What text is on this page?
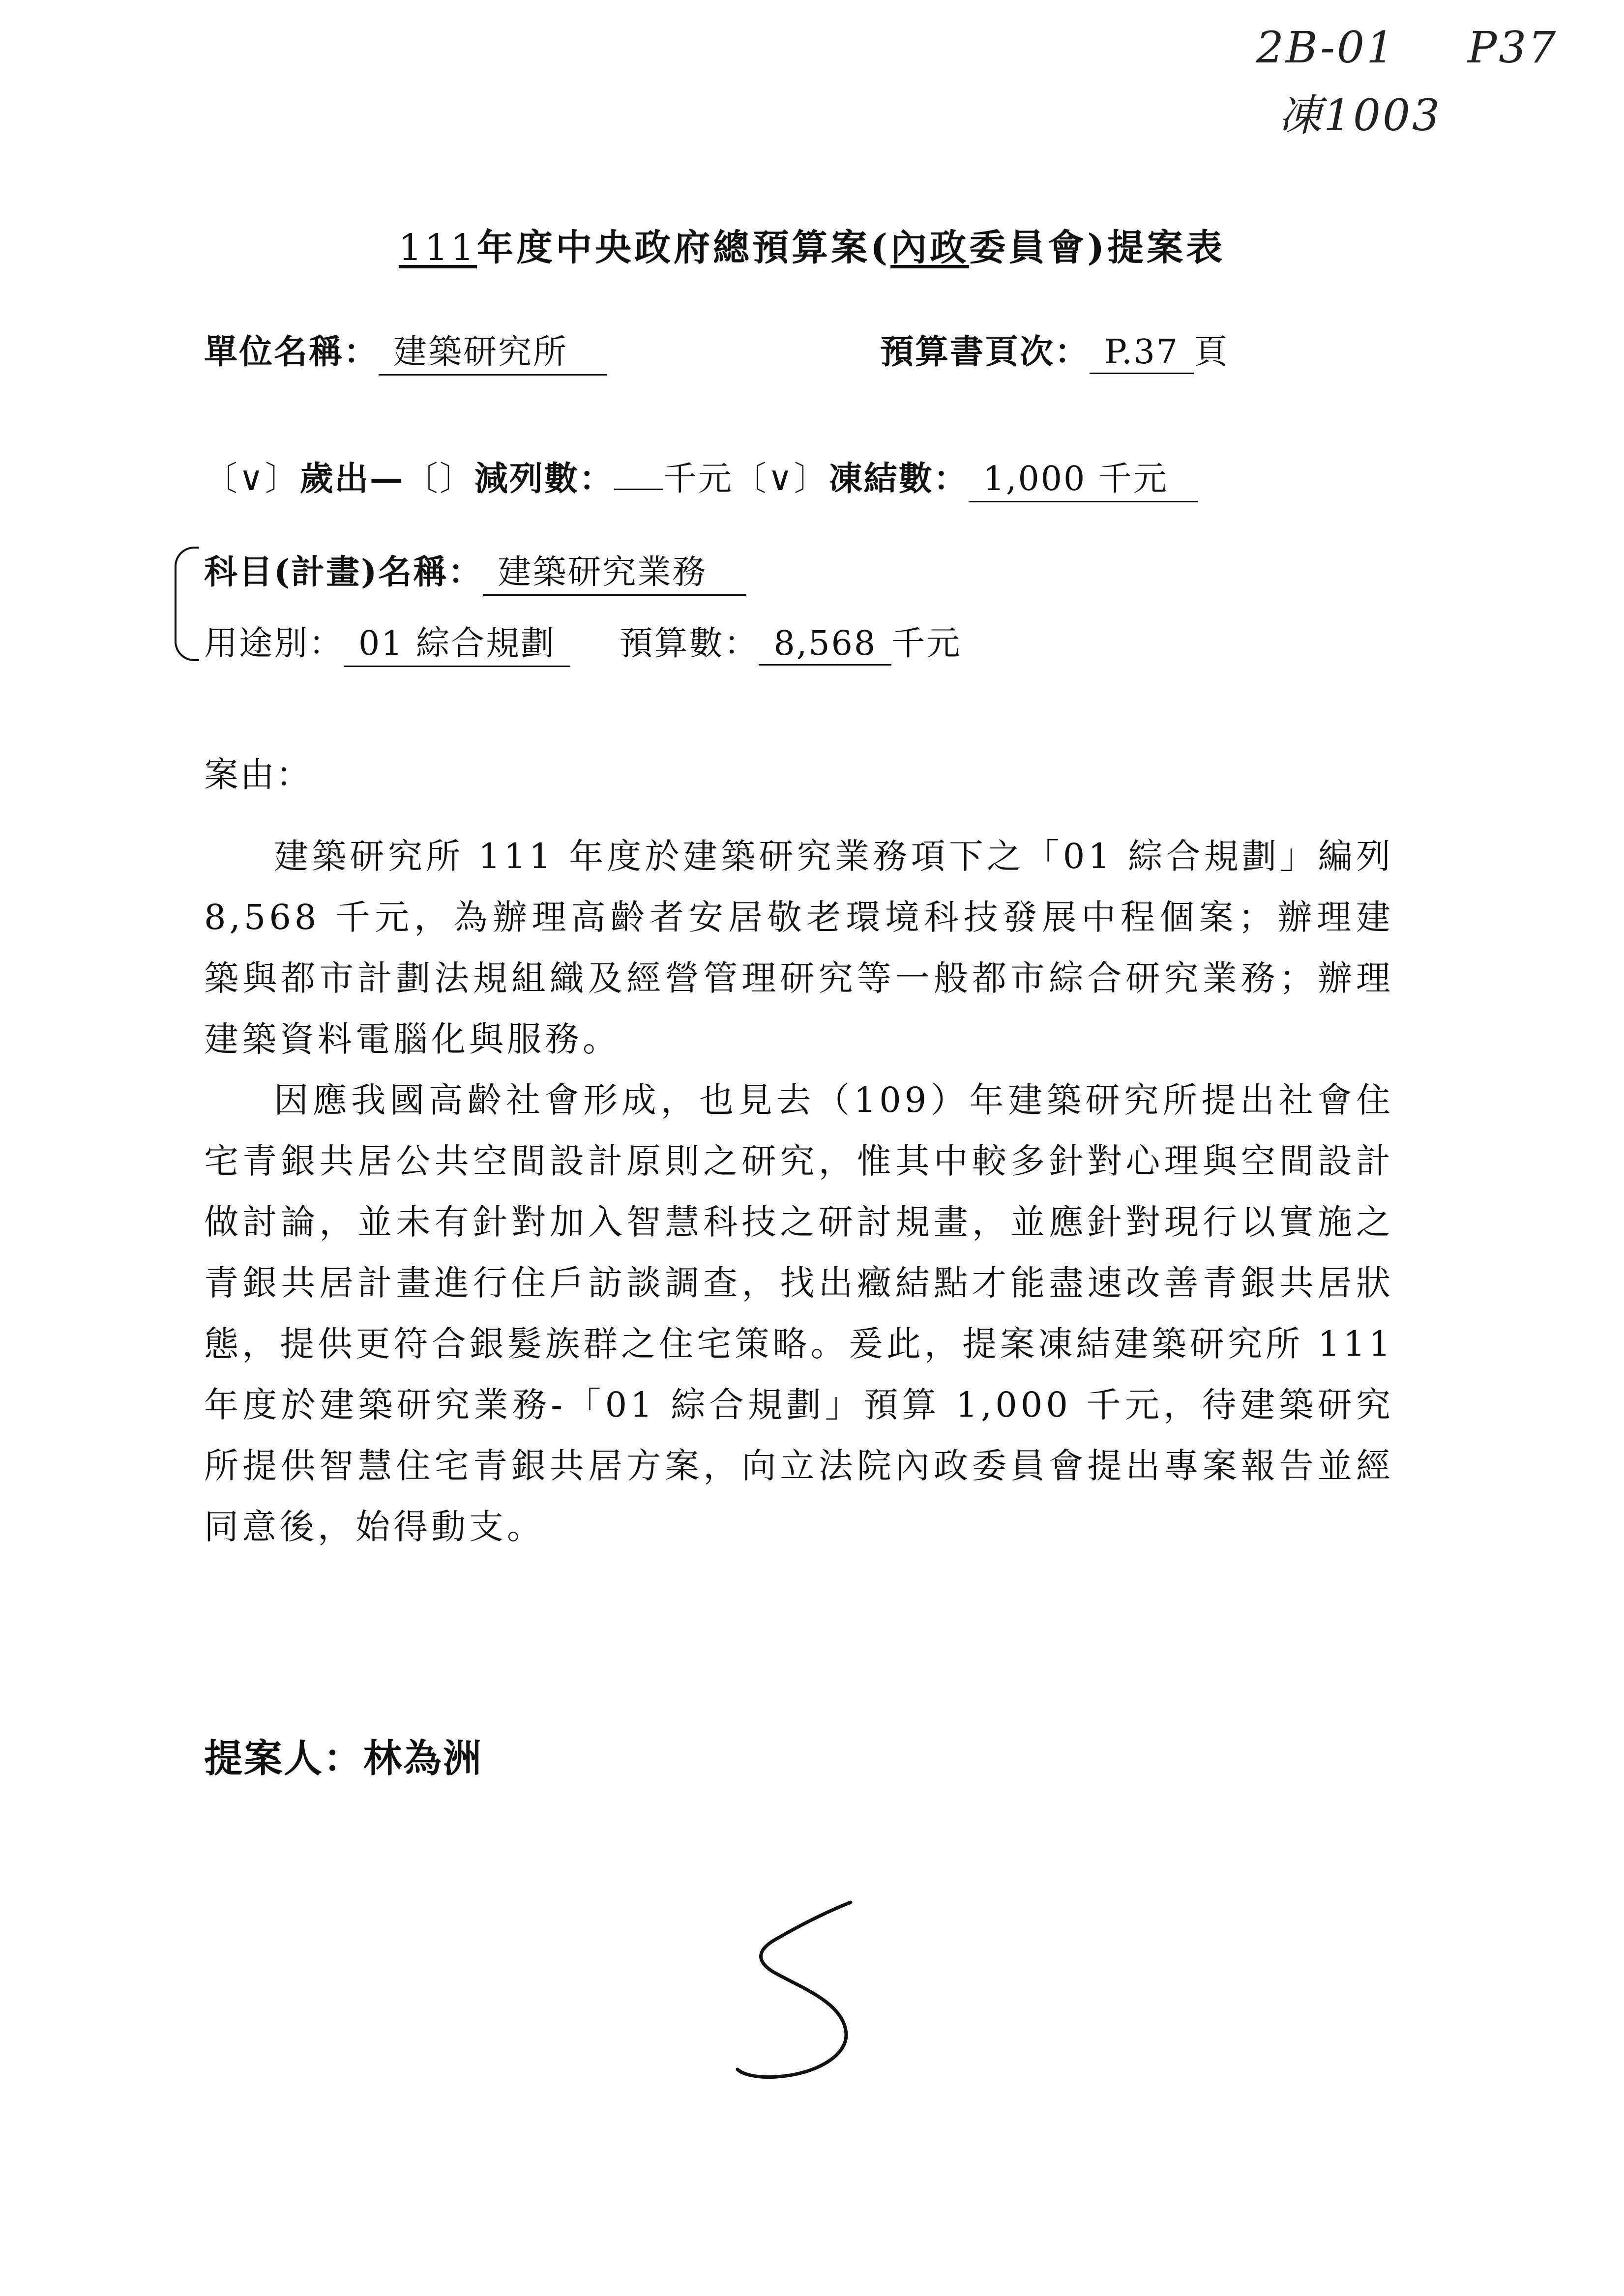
2B-01
凍1003
P37
111年度中央政府總預算案(內政委員會)提案表
單位名稱： 建築研究所	預算書頁次： P.37 頁
〔∨〕歲出—〔〕減列數： 千元〔∨〕凍結數： 1,000 千元
科目(計畫)名稱： 建築研究業務
用途別： 01 綜合規劃 預算數： 8,568 千元
案由：

建築研究所 111 年度於建築研究業務項下之「01 綜合規劃」編列 8,568 千元，為辦理高齡者安居敬老環境科技發展中程個案；辦理建築與都市計劃法規組織及經營管理研究等一般都市綜合研究業務；辦理建築資料電腦化與服務。

因應我國高齡社會形成，也見去（109）年建築研究所提出社會住宅青銀共居公共空間設計原則之研究，惟其中較多針對心理與空間設計做討論，並未有針對加入智慧科技之研討規畫，並應針對現行以實施之青銀共居計畫進行住戶訪談調查，找出癥結點才能盡速改善青銀共居狀態，提供更符合銀髮族群之住宅策略。爰此，提案凍結建築研究所 111 年度於建築研究業務-「01 綜合規劃」預算 1,000 千元，待建築研究所提供智慧住宅青銀共居方案，向立法院內政委員會提出專案報告並經同意後，始得動支。

提案人：林為洲
